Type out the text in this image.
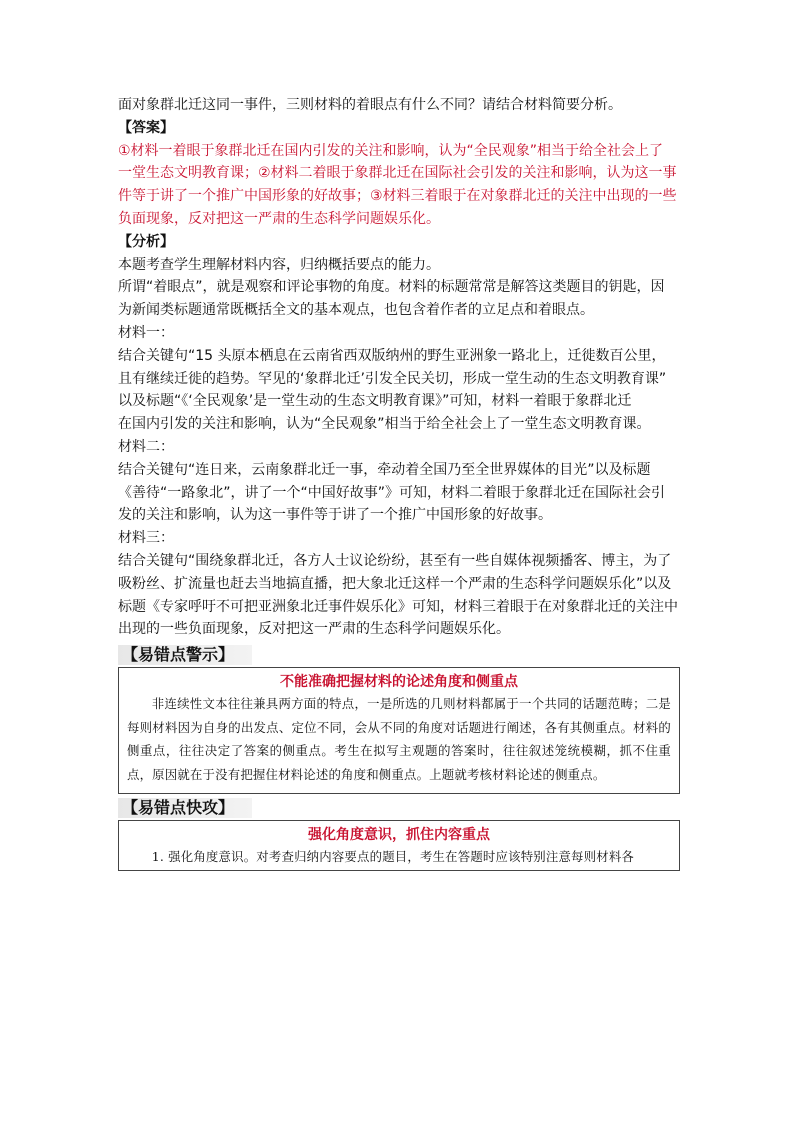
面对象群北迁这同一事件，三则材料的着眼点有什么不同？请结合材料简要分析。

【答案】

①材料一着眼于象群北迁在国内引发的关注和影响，认为“全民观象”相当于给全社会上了

一堂生态文明教育课；②材料二着眼于象群北迁在国际社会引发的关注和影响，认为这一事

件等于讲了一个推广中国形象的好故事；③材料三着眼于在对象群北迁的关注中出现的一些

负面现象，反对把这一严肃的生态科学问题娱乐化。

【分析】

本题考查学生理解材料内容，归纳概括要点的能力。

所谓“着眼点”，就是观察和评论事物的角度。材料的标题常常是解答这类题目的钥匙，因

为新闻类标题通常既概括全文的基本观点，也包含着作者的立足点和着眼点。

材料一：

结合关键句“15 头原本栖息在云南省西双版纳州的野生亚洲象一路北上，迁徙数百公里，

且有继续迁徙的趋势。罕见的‘象群北迁’引发全民关切，形成一堂生动的生态文明教育课”

以及标题“《‘全民观象’是一堂生动的生态文明教育课》”可知，材料一着眼于象群北迁

在国内引发的关注和影响，认为“全民观象”相当于给全社会上了一堂生态文明教育课。

材料二：

结合关键句“连日来，云南象群北迁一事，牵动着全国乃至全世界媒体的目光”以及标题

《善待“一路象北”，讲了一个“中国好故事”》可知，材料二着眼于象群北迁在国际社会引

发的关注和影响，认为这一事件等于讲了一个推广中国形象的好故事。

材料三：

结合关键句“围绕象群北迁，各方人士议论纷纷，甚至有一些自媒体视频播客、博主，为了

吸粉丝、扩流量也赶去当地搞直播，把大象北迁这样一个严肃的生态科学问题娱乐化”以及

标题《专家呼吁不可把亚洲象北迁事件娱乐化》可知，材料三着眼于在对象群北迁的关注中

出现的一些负面现象，反对把这一严肃的生态科学问题娱乐化。

【易错点警示】
不能准确把握材料的论述角度和侧重点

非连续性文本往往兼具两方面的特点，一是所选的几则材料都属于一个共同的话题范畴；二是每则材料因为自身的出发点、定位不同，会从不同的角度对话题进行阐述，各有其侧重点。材料的侧重点，往往决定了答案的侧重点。考生在拟写主观题的答案时，往往叙述笼统模糊，抓不住重点，原因就在于没有把握住材料论述的角度和侧重点。上题就考核材料论述的侧重点。

【易错点快攻】
强化角度意识，抓住内容重点

1. 强化角度意识。对考查归纳内容要点的题目，考生在答题时应该特别注意每则材料各
